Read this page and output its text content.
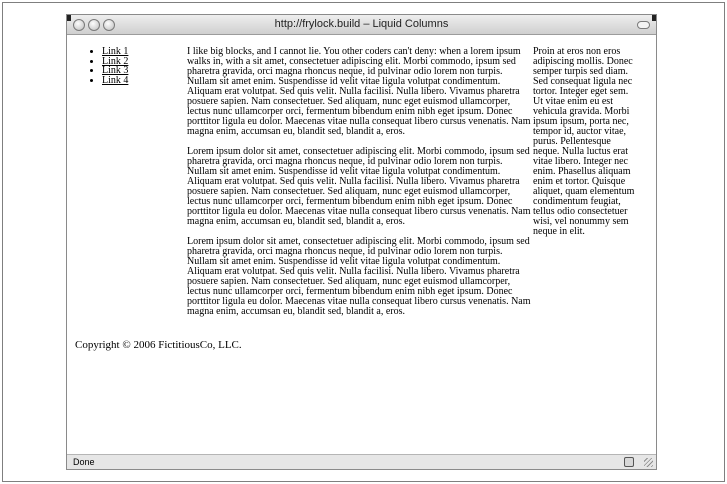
http://frylock.build – Liquid Columns
• Link 1
• Link 2
• Link 3
• Link 4

I like big blocks, and I cannot lie. You other coders can't deny: when a lorem ipsum walks in, with a sit amet, consectetuer adipiscing elit. Morbi commodo, ipsum sed pharetra gravida, orci magna rhoncus neque, id pulvinar odio lorem non turpis. Nullam sit amet enim. Suspendisse id velit vitae ligula volutpat condimentum. Aliquam erat volutpat. Sed quis velit. Nulla facilisi. Nulla libero. Vivamus pharetra posuere sapien. Nam consectetuer. Sed aliquam, nunc eget euismod ullamcorper, lectus nunc ullamcorper orci, fermentum bibendum enim nibh eget ipsum. Donec porttitor ligula eu dolor. Maecenas vitae nulla consequat libero cursus venenatis. Nam magna enim, accumsan eu, blandit sed, blandit a, eros.

Lorem ipsum dolor sit amet, consectetuer adipiscing elit. Morbi commodo, ipsum sed pharetra gravida, orci magna rhoncus neque, id pulvinar odio lorem non turpis. Nullam sit amet enim. Suspendisse id velit vitae ligula volutpat condimentum. Aliquam erat volutpat. Sed quis velit. Nulla facilisi. Nulla libero. Vivamus pharetra posuere sapien. Nam consectetuer. Sed aliquam, nunc eget euismod ullamcorper, lectus nunc ullamcorper orci, fermentum bibendum enim nibh eget ipsum. Donec porttitor ligula eu dolor. Maecenas vitae nulla consequat libero cursus venenatis. Nam magna enim, accumsan eu, blandit sed, blandit a, eros.

Lorem ipsum dolor sit amet, consectetuer adipiscing elit. Morbi commodo, ipsum sed pharetra gravida, orci magna rhoncus neque, id pulvinar odio lorem non turpis. Nullam sit amet enim. Suspendisse id velit vitae ligula volutpat condimentum. Aliquam erat volutpat. Sed quis velit. Nulla facilisi. Nulla libero. Vivamus pharetra posuere sapien. Nam consectetuer. Sed aliquam, nunc eget euismod ullamcorper, lectus nunc ullamcorper orci, fermentum bibendum enim nibh eget ipsum. Donec porttitor ligula eu dolor. Maecenas vitae nulla consequat libero cursus venenatis. Nam magna enim, accumsan eu, blandit sed, blandit a, eros.

Proin at eros non eros adipiscing mollis. Donec semper turpis sed diam. Sed consequat ligula nec tortor. Integer eget sem. Ut vitae enim eu est vehicula gravida. Morbi ipsum ipsum, porta nec, tempor id, auctor vitae, purus. Pellentesque neque. Nulla luctus erat vitae libero. Integer nec enim. Phasellus aliquam enim et tortor. Quisque aliquet, quam elementum condimentum feugiat, tellus odio consectetuer wisi, vel nonummy sem neque in elit.
Copyright © 2006 FictitiousCo, LLC.
Done
